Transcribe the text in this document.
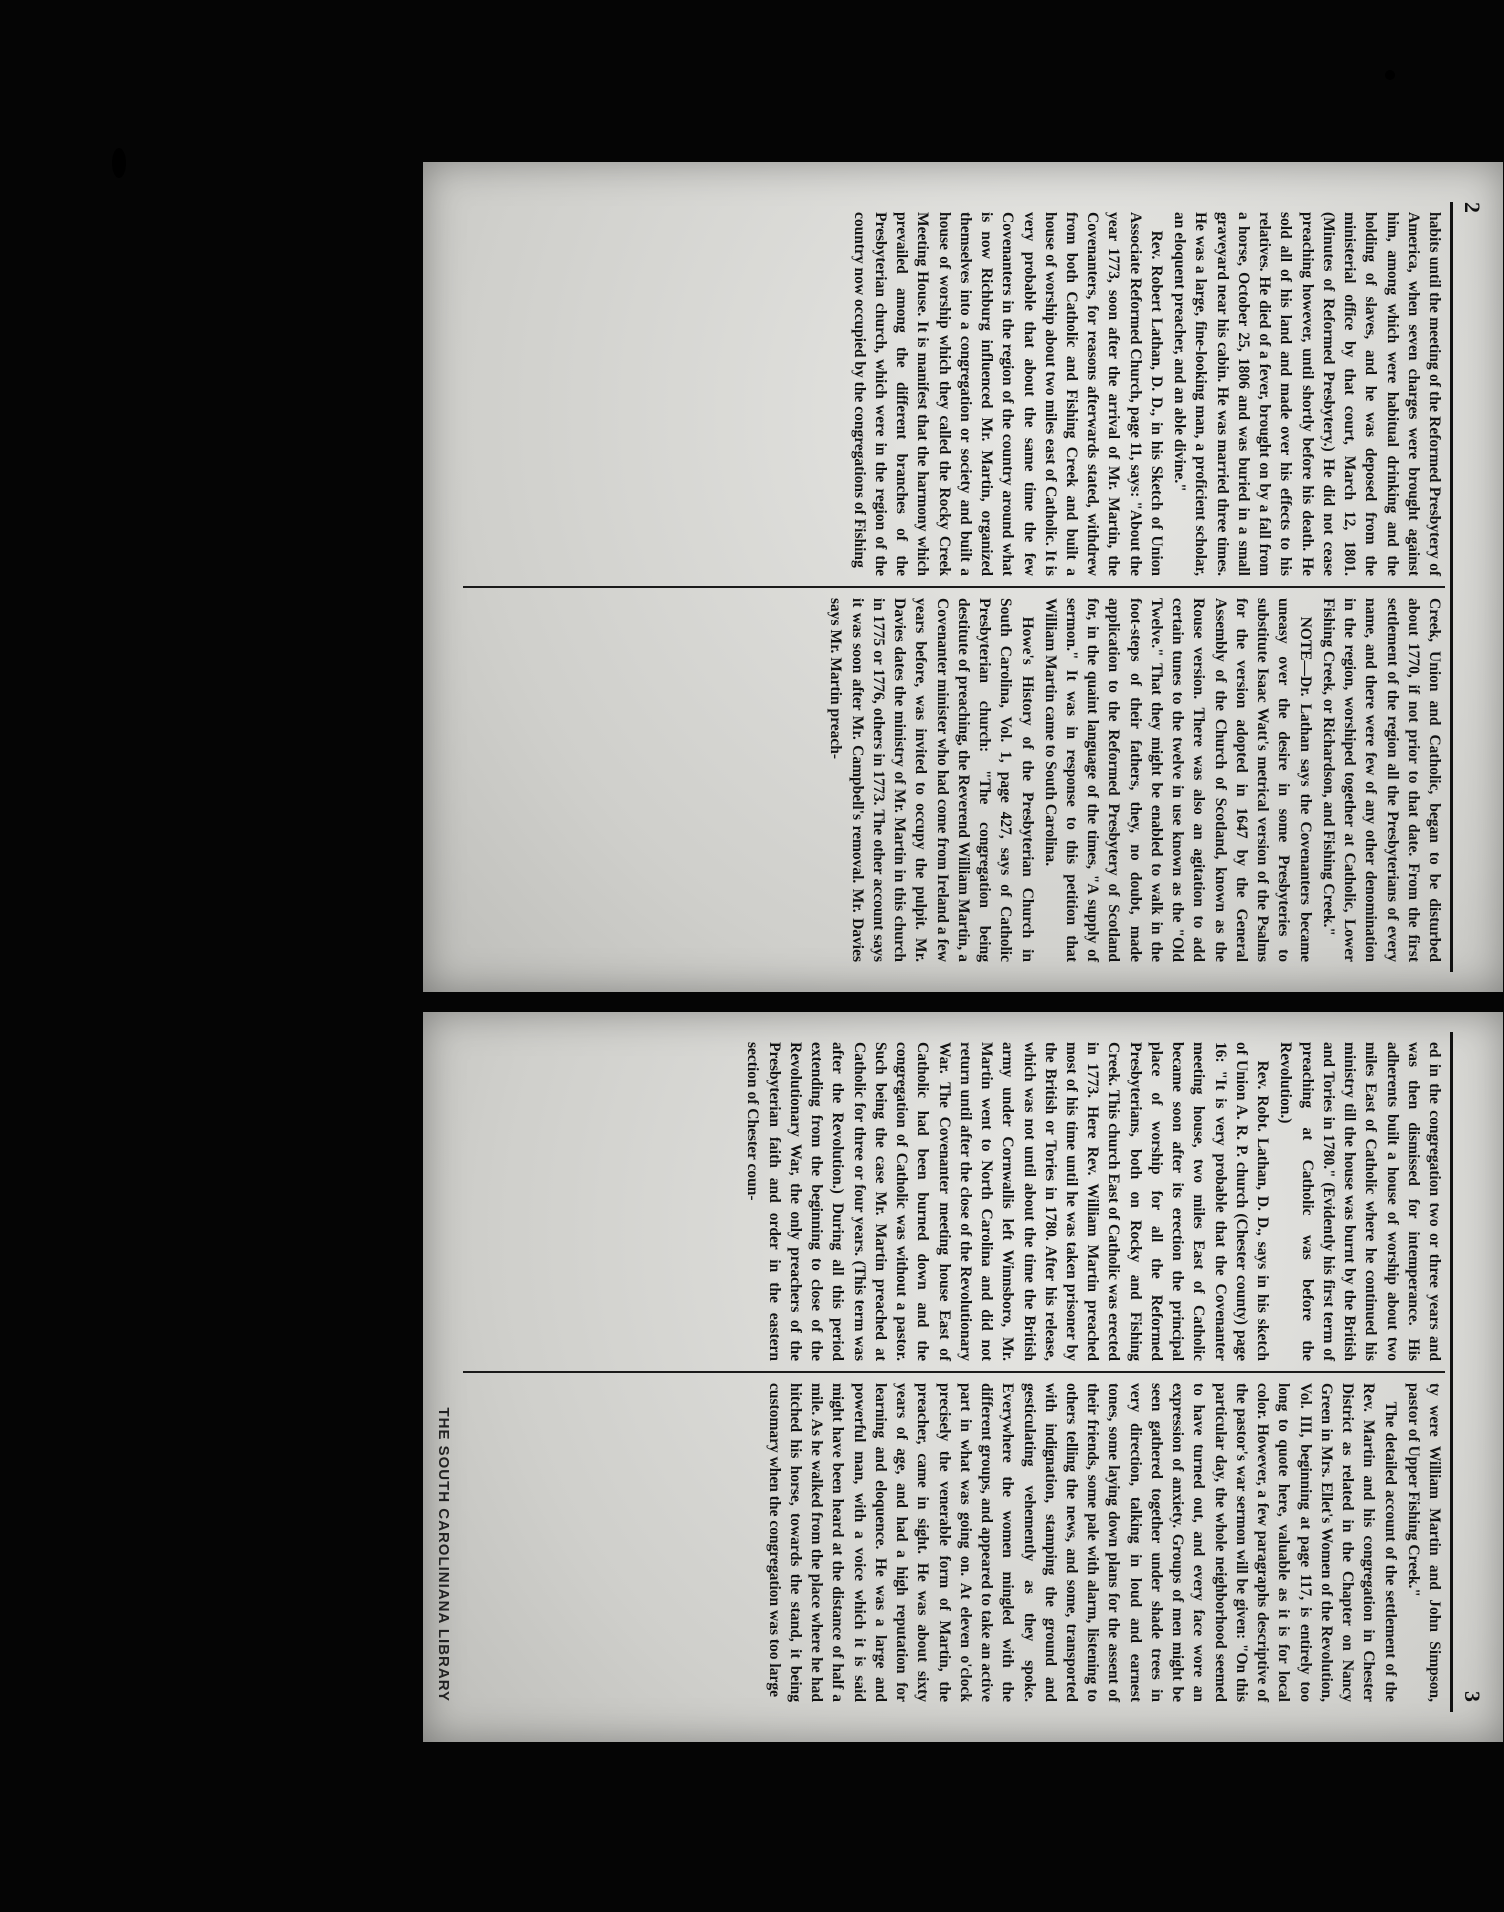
2

habits until the meeting of the Reformed Presbytery of America, when seven charges were brought against him, among which were habitual drinking and the holding of slaves, and he was deposed from the ministerial office by that court, March 12, 1801. (Minutes of Reformed Presbytery.) He did not cease preaching however, until shortly before his death. He sold all of his land and made over his effects to his relatives. He died of a fever, brought on by a fall from a horse, October 25, 1806 and was buried in a small graveyard near his cabin. He was married three times. He was a large, fine-looking man, a proficient scholar, an eloquent preacher, and an able divine."

Rev. Robert Lathan, D. D., in his Sketch of Union Associate Reformed Church, page 11, says: "About the year 1773, soon after the arrival of Mr. Martin, the Covenanters, for reasons afterwards stated, withdrew from both Catholic and Fishing Creek and built a house of worship about two miles east of Catholic. It is very probable that about the same time the few Covenanters in the region of the country around what is now Richburg influenced Mr. Martin, organized themselves into a congregation or society and built a house of worship which they called the Rocky Creek Meeting House. It is manifest that the harmony which prevailed among the different branches of the Presbyterian church, which were in the region of the country now occupied by the congregations of Fishing

Creek, Union and Catholic, began to be disturbed about 1770, if not prior to that date. From the first settlement of the region all the Presbyterians of every name, and there were few of any other denomination in the region, worshiped together at Catholic, Lower Fishing Creek, or Richardson, and Fishing Creek."

NOTE—Dr. Lathan says the Covenanters became uneasy over the desire in some Presbyteries to substitute Isaac Watt's metrical version of the Psalms for the version adopted in 1647 by the General Assembly of the Church of Scotland, known as the Rouse version. There was also an agitation to add certain tunes to the twelve in use known as the "Old Twelve." That they might be enabled to walk in the foot-steps of their fathers, they, no doubt, made application to the Reformed Presbytery of Scotland for, in the quaint language of the times, "A supply of sermon." It was in response to this petition that William Martin came to South Carolina.

Howe's History of the Presbyterian Church in South Carolina, Vol. 1, page 427, says of Catholic Presbyterian church: "The congregation being destitute of preaching, the Reverend William Martin, a Covenanter minister who had come from Ireland a few years before, was invited to occupy the pulpit. Mr. Davies dates the ministry of Mr. Martin in this church in 1775 or 1776, others in 1773. The other account says it was soon after Mr. Campbell's removal. Mr. Davies says Mr. Martin preach-

3

ed in the congregation two or three years and was then dismissed for intemperance. His adherents built a house of worship about two miles East of Catholic where he continued his ministry till the house was burnt by the British and Tories in 1780." (Evidently his first term of preaching at Catholic was before the Revolution.)

Rev. Robt. Lathan, D. D., says in his sketch of Union A. R. P. church (Chester county) page 16: "It is very probable that the Covenanter meeting house, two miles East of Catholic became soon after its erection the principal place of worship for all the Reformed Presbyterians, both on Rocky and Fishing Creek. This church East of Catholic was erected in 1773. Here Rev. William Martin preached most of his time until he was taken prisoner by the British or Tories in 1780. After his release, which was not until about the time the British army under Cornwallis left Winnsboro, Mr. Martin went to North Carolina and did not return until after the close of the Revolutionary War. The Covenanter meeting house East of Catholic had been burned down and the congregation of Catholic was without a pastor. Such being the case Mr. Martin preached at Catholic for three or four years. (This term was after the Revolution.) During all this period extending from the beginning to close of the Revolutionary War, the only preachers of the Presbyterian faith and order in the eastern section of Chester coun-

ty were William Martin and John Simpson, pastor of Upper Fishing Creek."

The detailed account of the settlement of the Rev. Martin and his congregation in Chester District as related in the Chapter on Nancy Green in Mrs. Ellet's Women of the Revolution, Vol. III, beginning at page 117, is entirely too long to quote here, valuable as it is for local color. However, a few paragraphs descriptive of the pastor's war sermon will be given: "On this particular day, the whole neighborhood seemed to have turned out, and every face wore an expression of anxiety. Groups of men might be seen gathered together under shade trees in very direction, talking in loud and earnest tones, some laying down plans for the assent of their friends, some pale with alarm, listening to others telling the news, and some, transported with indignation, stamping the ground and gesticulating vehemently as they spoke. Everywhere the women mingled with the different groups, and appeared to take an active part in what was going on. At eleven o'clock precisely the venerable form of Martin, the preacher, came in sight. He was about sixty years of age, and had a high reputation for learning and eloquence. He was a large and powerful man, with a voice which it is said might have been heard at the distance of half a mile. As he walked from the place where he had hitched his horse, towards the stand, it being customary when the congregation was too large

THE SOUTH CAROLINIANA LIBRARY
